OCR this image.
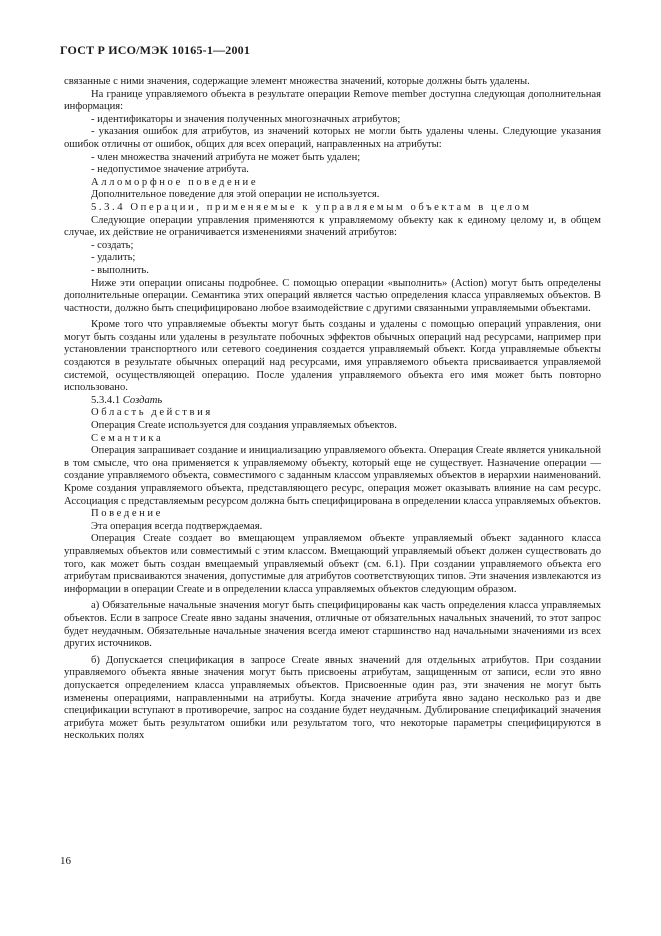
ГОСТ Р ИСО/МЭК 10165-1—2001

связанные с ними значения, содержащие элемент множества значений, которые должны быть удалены.

На границе управляемого объекта в результате операции Remove member доступна следующая дополнительная информация:

- идентификаторы и значения полученных многозначных атрибутов;

- указания ошибок для атрибутов, из значений которых не могли быть удалены члены. Следующие указания ошибок отличны от ошибок, общих для всех операций, направленных на атрибуты:

- член множества значений атрибута не может быть удален;

- недопустимое значение атрибута.

Алломорфное поведение

Дополнительное поведение для этой операции не используется.

5.3.4 Операции, применяемые к управляемым объектам в целом

Следующие операции управления применяются к управляемому объекту как к единому целому и, в общем случае, их действие не ограничивается изменениями значений атрибутов:

- создать;

- удалить;

- выполнить.

Ниже эти операции описаны подробнее. С помощью операции «выполнить» (Action) могут быть определены дополнительные операции. Семантика этих операций является частью определения класса управляемых объектов. В частности, должно быть специфицировано любое взаимодействие с другими связанными управляемыми объектами.

Кроме того что управляемые объекты могут быть созданы и удалены с помощью операций управления, они могут быть созданы или удалены в результате побочных эффектов обычных операций над ресурсами, например при установлении транспортного или сетевого соединения создается управляемый объект. Когда управляемые объекты создаются в результате обычных операций над ресурсами, имя управляемого объекта присваивается управляемой системой, осуществляющей операцию. После удаления управляемого объекта его имя может быть повторно использовано.

5.3.4.1 Создать

Область действия

Операция Create используется для создания управляемых объектов.

Семантика

Операция запрашивает создание и инициализацию управляемого объекта. Операция Create является уникальной в том смысле, что она применяется к управляемому объекту, который еще не существует. Назначение операции — создание управляемого объекта, совместимого с заданным классом управляемых объектов в иерархии наименований. Кроме создания управляемого объекта, представляющего ресурс, операция может оказывать влияние на сам ресурс. Ассоциация с представляемым ресурсом должна быть специфицирована в определении класса управляемых объектов.

Поведение

Эта операция всегда подтверждаемая.

Операция Create создает во вмещающем управляемом объекте управляемый объект заданного класса управляемых объектов или совместимый с этим классом. Вмещающий управляемый объект должен существовать до того, как может быть создан вмещаемый управляемый объект (см. 6.1). При создании управляемого объекта его атрибутам присваиваются значения, допустимые для атрибутов соответствующих типов. Эти значения извлекаются из информации в операции Create и в определении класса управляемых объектов следующим образом.

а) Обязательные начальные значения могут быть специфицированы как часть определения класса управляемых объектов. Если в запросе Create явно заданы значения, отличные от обязательных начальных значений, то этот запрос будет неудачным. Обязательные начальные значения всегда имеют старшинство над начальными значениями из всех других источников.

б) Допускается спецификация в запросе Create явных значений для отдельных атрибутов. При создании управляемого объекта явные значения могут быть присвоены атрибутам, защищенным от записи, если это явно допускается определением класса управляемых объектов. Присвоенные один раз, эти значения не могут быть изменены операциями, направленными на атрибуты. Когда значение атрибута явно задано несколько раз и две спецификации вступают в противоречие, запрос на создание будет неудачным. Дублирование спецификаций значения атрибута может быть результатом ошибки или результатом того, что некоторые параметры специфицируются в нескольких полях

16
